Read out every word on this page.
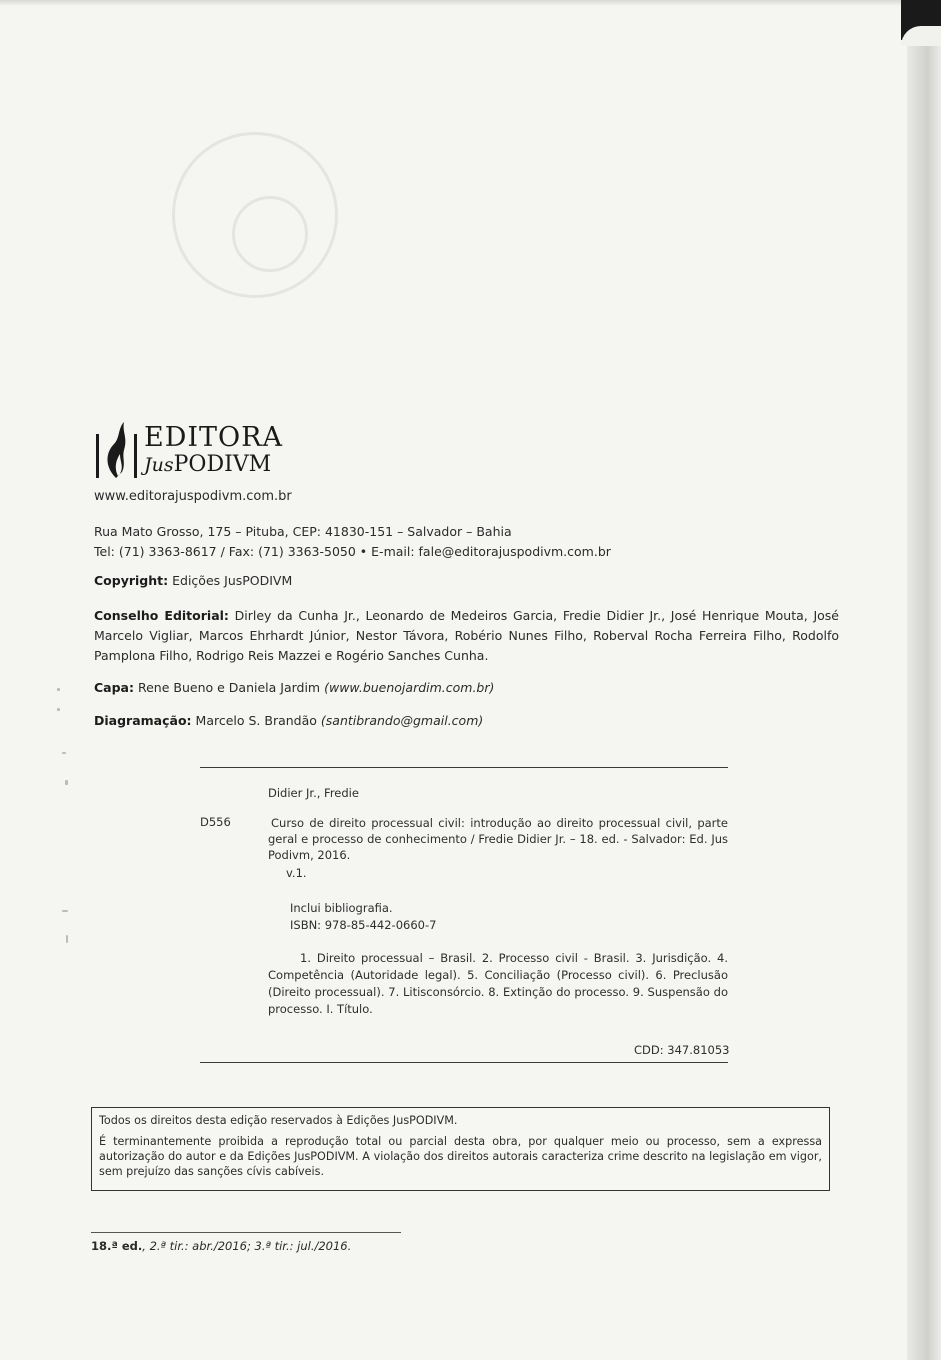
EDITORA
JusPODIVM
www.editorajuspodivm.com.br
Rua Mato Grosso, 175 – Pituba, CEP: 41830-151 – Salvador – Bahia
Tel: (71) 3363-8617 / Fax: (71) 3363-5050 • E-mail: fale@editorajuspodivm.com.br
Copyright: Edições JusPODIVM
Conselho Editorial: Dirley da Cunha Jr., Leonardo de Medeiros Garcia, Fredie Didier Jr., José Henrique Mouta, José Marcelo Vigliar, Marcos Ehrhardt Júnior, Nestor Távora, Robério Nunes Filho, Roberval Rocha Ferreira Filho, Rodolfo Pamplona Filho, Rodrigo Reis Mazzei e Rogério Sanches Cunha.
Capa: Rene Bueno e Daniela Jardim (www.buenojardim.com.br)
Diagramação: Marcelo S. Brandão (santibrando@gmail.com)
Didier Jr., Fredie
D556	Curso de direito processual civil: introdução ao direito processual civil, parte geral e processo de conhecimento / Fredie Didier Jr. – 18. ed. - Salvador: Ed. Jus Podivm, 2016.
v.1.
Inclui bibliografia.
ISBN: 978-85-442-0660-7
1. Direito processual – Brasil. 2. Processo civil - Brasil. 3. Jurisdição. 4. Competência (Autoridade legal). 5. Conciliação (Processo civil). 6. Preclusão (Direito processual). 7. Litisconsórcio. 8. Extinção do processo. 9. Suspensão do processo. I. Título.
CDD: 347.81053
Todos os direitos desta edição reservados à Edições JusPODIVM.
É terminantemente proibida a reprodução total ou parcial desta obra, por qualquer meio ou processo, sem a expressa autorização do autor e da Edições JusPODIVM. A violação dos direitos autorais caracteriza crime descrito na legislação em vigor, sem prejuízo das sanções cívis cabíveis.
18.ª ed., 2.ª tir.: abr./2016; 3.ª tir.: jul./2016.
